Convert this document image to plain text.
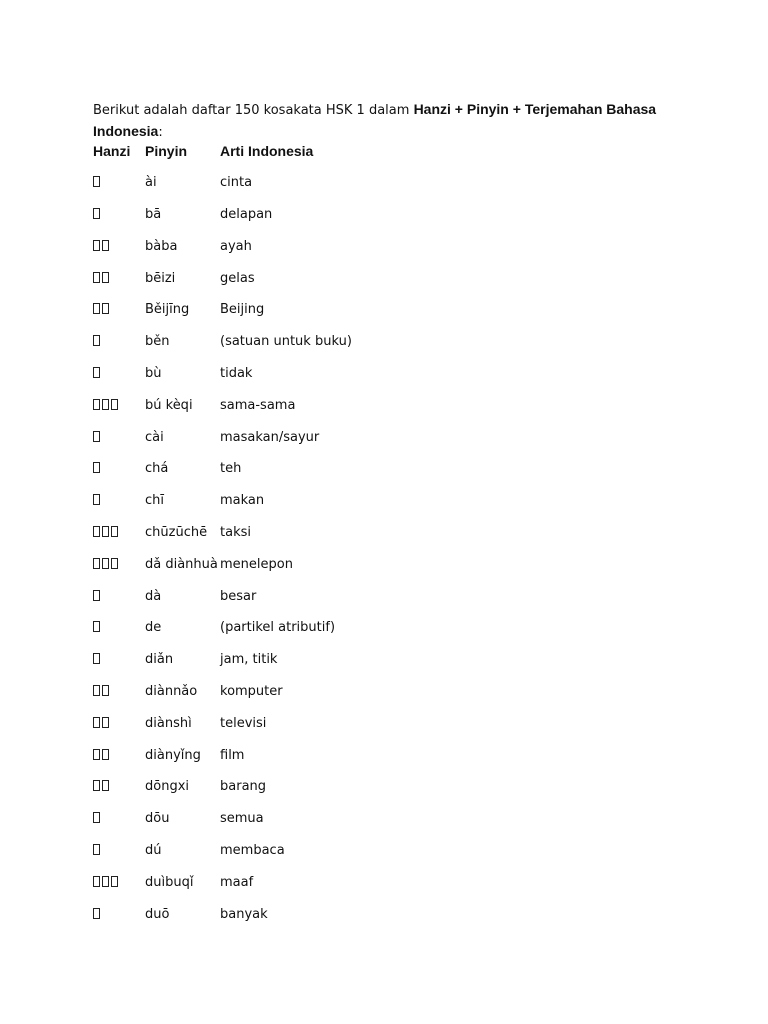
Berikut adalah daftar 150 kosakata HSK 1 dalam Hanzi + Pinyin + Terjemahan Bahasa Indonesia:

Hanzi	Pinyin	Arti Indonesia
	ài	cinta
	bā	delapan
	bàba	ayah
	bēizi	gelas
	Běijīng	Beijing
	běn	(satuan untuk buku)
	bù	tidak
	bú kèqi	sama-sama
	cài	masakan/sayur
	chá	teh
	chī	makan
	chūzūchē	taksi
	dǎ diànhuà	menelepon
	dà	besar
	de	(partikel atributif)
	diǎn	jam, titik
	diànnǎo	komputer
	diànshì	televisi
	diànyǐng	film
	dōngxi	barang
	dōu	semua
	dú	membaca
	duìbuqǐ	maaf
	duō	banyak
